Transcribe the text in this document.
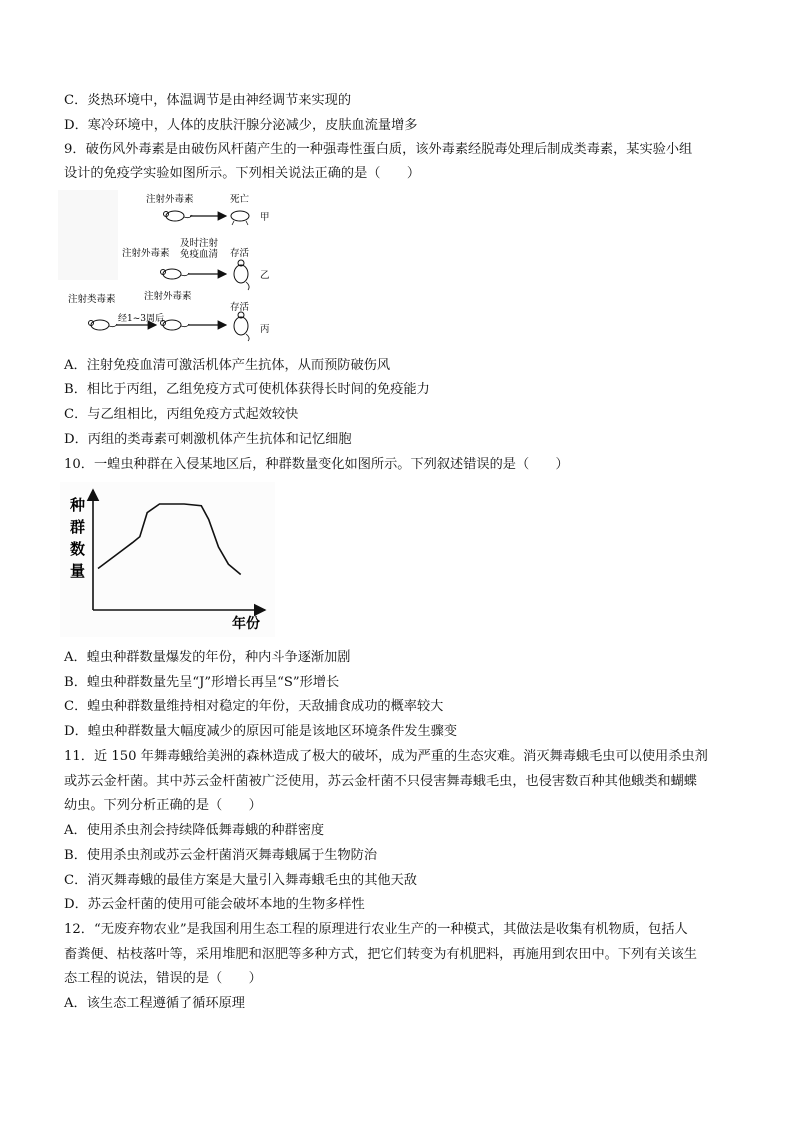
C．炎热环境中，体温调节是由神经调节来实现的
D．寒冷环境中，人体的皮肤汗腺分泌减少，皮肤血流量增多
9．破伤风外毒素是由破伤风杆菌产生的一种强毒性蛋白质，该外毒素经脱毒处理后制成类毒素，某实验小组
设计的免疫学实验如图所示。下列相关说法正确的是（　　）
注射外毒素	死亡
甲
及时注射
免疫血清
注射外毒素	存活
乙
注射类毒素	注射外毒素
经1~3周后
存活
丙
A．注射免疫血清可激活机体产生抗体，从而预防破伤风
B．相比于丙组，乙组免疫方式可使机体获得长时间的免疫能力
C．与乙组相比，丙组免疫方式起效较快
D．丙组的类毒素可刺激机体产生抗体和记忆细胞
10．一蝗虫种群在入侵某地区后，种群数量变化如图所示。下列叙述错误的是（　　）
种
群
数
量
年份
A．蝗虫种群数量爆发的年份，种内斗争逐渐加剧
B．蝗虫种群数量先呈“J”形增长再呈“S”形增长
C．蝗虫种群数量维持相对稳定的年份，天敌捕食成功的概率较大
D．蝗虫种群数量大幅度减少的原因可能是该地区环境条件发生骤变
11．近 150 年舞毒蛾给美洲的森林造成了极大的破坏，成为严重的生态灾难。消灭舞毒蛾毛虫可以使用杀虫剂
或苏云金杆菌。其中苏云金杆菌被广泛使用，苏云金杆菌不只侵害舞毒蛾毛虫，也侵害数百种其他蛾类和蝴蝶
幼虫。下列分析正确的是（　　）
A．使用杀虫剂会持续降低舞毒蛾的种群密度
B．使用杀虫剂或苏云金杆菌消灭舞毒蛾属于生物防治
C．消灭舞毒蛾的最佳方案是大量引入舞毒蛾毛虫的其他天敌
D．苏云金杆菌的使用可能会破坏本地的生物多样性
12．“无废弃物农业”是我国利用生态工程的原理进行农业生产的一种模式，其做法是收集有机物质，包括人
畜粪便、枯枝落叶等，采用堆肥和沤肥等多种方式，把它们转变为有机肥料，再施用到农田中。下列有关该生
态工程的说法，错误的是（　　）
A．该生态工程遵循了循环原理
